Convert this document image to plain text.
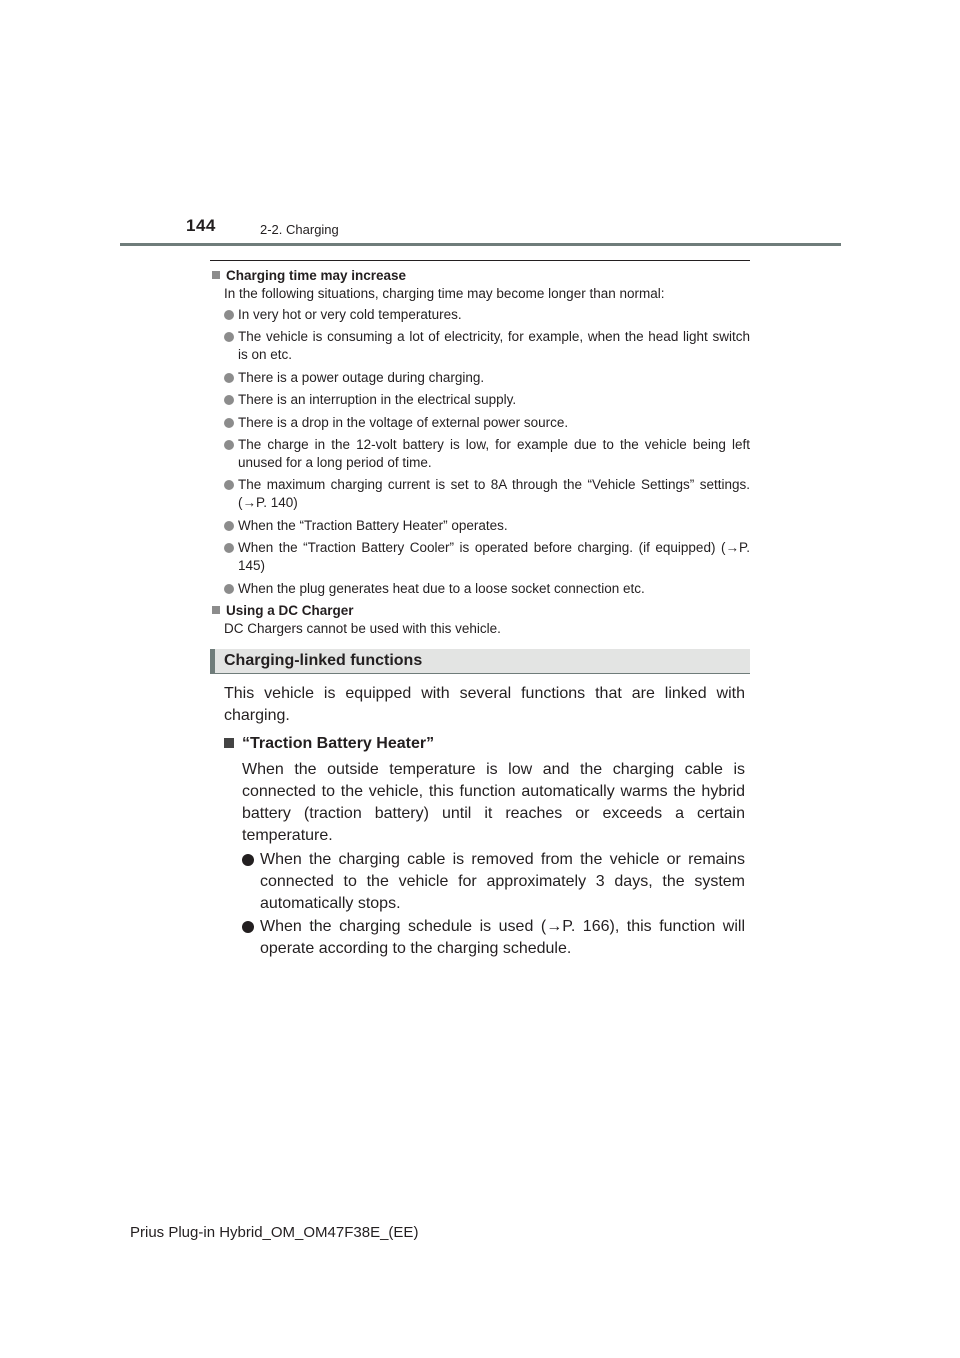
144	2-2. Charging
Charging time may increase
In the following situations, charging time may become longer than normal:
In very hot or very cold temperatures.
The vehicle is consuming a lot of electricity, for example, when the head light switch is on etc.
There is a power outage during charging.
There is an interruption in the electrical supply.
There is a drop in the voltage of external power source.
The charge in the 12-volt battery is low, for example due to the vehicle being left unused for a long period of time.
The maximum charging current is set to 8A through the “Vehicle Settings” settings. (→P. 140)
When the “Traction Battery Heater” operates.
When the “Traction Battery Cooler” is operated before charging. (if equipped) (→P. 145)
When the plug generates heat due to a loose socket connection etc.
Using a DC Charger
DC Chargers cannot be used with this vehicle.
Charging-linked functions
This vehicle is equipped with several functions that are linked with charging.
“Traction Battery Heater”
When the outside temperature is low and the charging cable is connected to the vehicle, this function automatically warms the hybrid battery (traction battery) until it reaches or exceeds a certain temperature.
When the charging cable is removed from the vehicle or remains connected to the vehicle for approximately 3 days, the system automatically stops.
When the charging schedule is used (→P. 166), this function will operate according to the charging schedule.
Prius Plug-in Hybrid_OM_OM47F38E_(EE)
